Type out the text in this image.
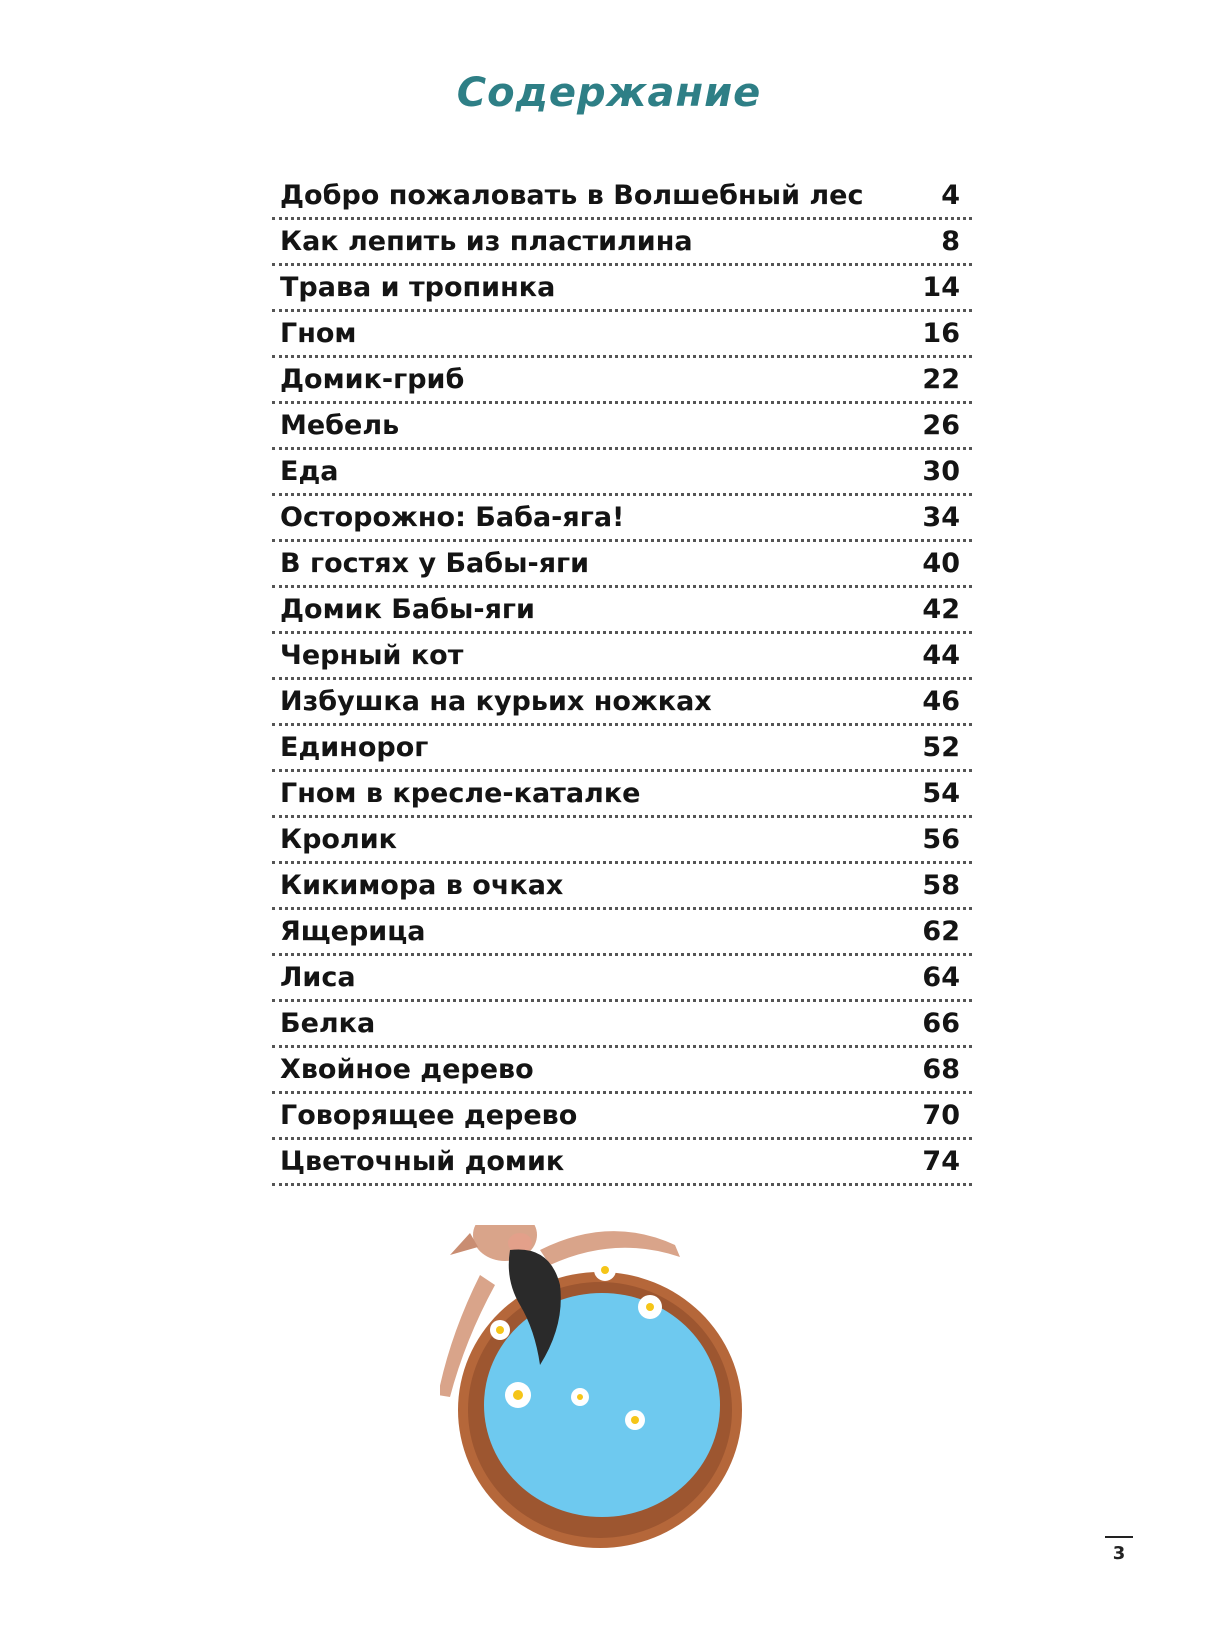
Содержание
Добро пожаловать в Волшебный лес	4
Как лепить из пластилина	8
Трава и тропинка	14
Гном	16
Домик-гриб	22
Мебель	26
Еда	30
Осторожно: Баба-яга!	34
В гостях у Бабы-яги	40
Домик Бабы-яги	42
Черный кот	44
Избушка на курьих ножках	46
Единорог	52
Гном в кресле-каталке	54
Кролик	56
Кикимора в очках	58
Ящерица	62
Лиса	64
Белка	66
Хвойное дерево	68
Говорящее дерево	70
Цветочный домик	74
3
